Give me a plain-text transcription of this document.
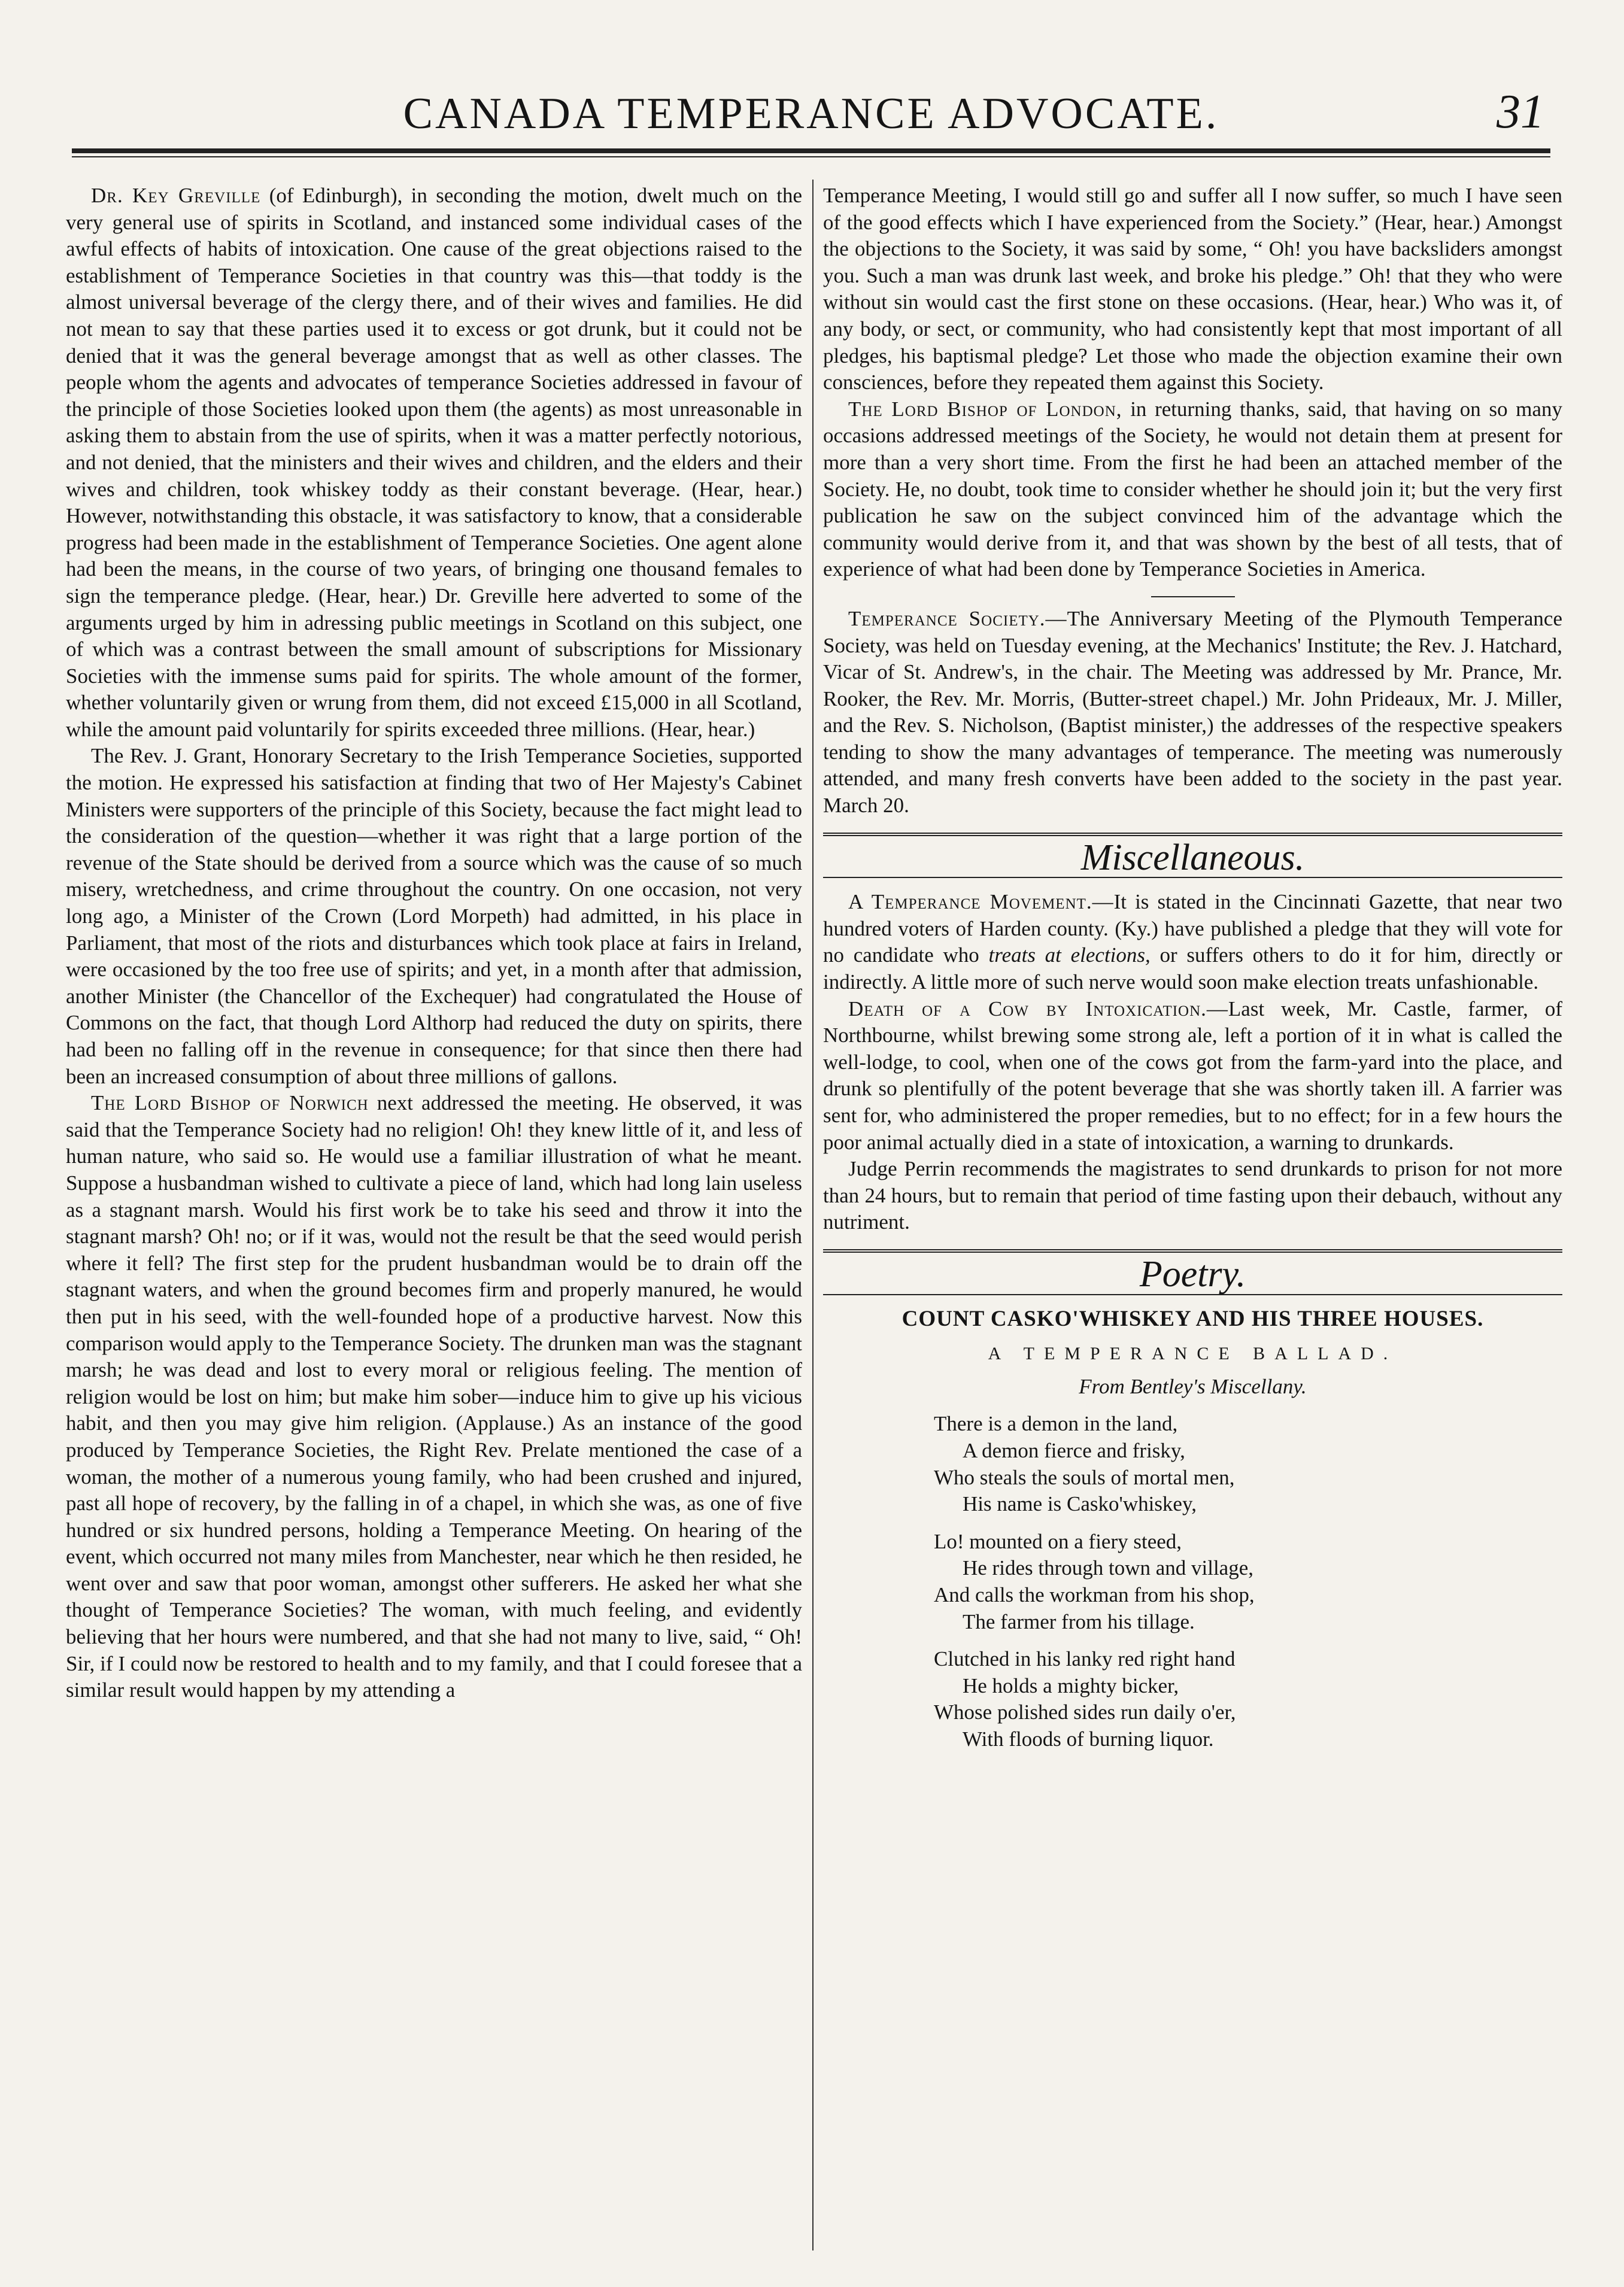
CANADA TEMPERANCE ADVOCATE.	31

Dr. Key Greville (of Edinburgh), in seconding the motion, dwelt much on the very general use of spirits in Scotland, and instanced some individual cases of the awful effects of habits of intoxication. One cause of the great objections raised to the establishment of Temperance Societies in that country was this—that toddy is the almost universal beverage of the clergy there, and of their wives and families. He did not mean to say that these parties used it to excess or got drunk, but it could not be denied that it was the general beverage amongst that as well as other classes. The people whom the agents and advocates of temperance Societies addressed in favour of the principle of those Societies looked upon them (the agents) as most unreasonable in asking them to abstain from the use of spirits, when it was a matter perfectly notorious, and not denied, that the ministers and their wives and children, and the elders and their wives and children, took whiskey toddy as their constant beverage. (Hear, hear.) However, notwithstanding this obstacle, it was satisfactory to know, that a considerable progress had been made in the establishment of Temperance Societies. One agent alone had been the means, in the course of two years, of bringing one thousand females to sign the temperance pledge. (Hear, hear.) Dr. Greville here adverted to some of the arguments urged by him in adressing public meetings in Scotland on this subject, one of which was a contrast between the small amount of subscriptions for Missionary Societies with the immense sums paid for spirits. The whole amount of the former, whether voluntarily given or wrung from them, did not exceed £15,000 in all Scotland, while the amount paid voluntarily for spirits exceeded three millions. (Hear, hear.)

The Rev. J. Grant, Honorary Secretary to the Irish Temperance Societies, supported the motion. He expressed his satisfaction at finding that two of Her Majesty's Cabinet Ministers were supporters of the principle of this Society, because the fact might lead to the consideration of the question—whether it was right that a large portion of the revenue of the State should be derived from a source which was the cause of so much misery, wretchedness, and crime throughout the country. On one occasion, not very long ago, a Minister of the Crown (Lord Morpeth) had admitted, in his place in Parliament, that most of the riots and disturbances which took place at fairs in Ireland, were occasioned by the too free use of spirits; and yet, in a month after that admission, another Minister (the Chancellor of the Exchequer) had congratulated the House of Commons on the fact, that though Lord Althorp had reduced the duty on spirits, there had been no falling off in the revenue in consequence; for that since then there had been an increased consumption of about three millions of gallons.

The Lord Bishop of Norwich next addressed the meeting. He observed, it was said that the Temperance Society had no religion! Oh! they knew little of it, and less of human nature, who said so. He would use a familiar illustration of what he meant. Suppose a husbandman wished to cultivate a piece of land, which had long lain useless as a stagnant marsh. Would his first work be to take his seed and throw it into the stagnant marsh? Oh! no; or if it was, would not the result be that the seed would perish where it fell? The first step for the prudent husbandman would be to drain off the stagnant waters, and when the ground becomes firm and properly manured, he would then put in his seed, with the well-founded hope of a productive harvest. Now this comparison would apply to the Temperance Society. The drunken man was the stagnant marsh; he was dead and lost to every moral or religious feeling. The mention of religion would be lost on him; but make him sober—induce him to give up his vicious habit, and then you may give him religion. (Applause.) As an instance of the good produced by Temperance Societies, the Right Rev. Prelate mentioned the case of a woman, the mother of a numerous young family, who had been crushed and injured, past all hope of recovery, by the falling in of a chapel, in which she was, as one of five hundred or six hundred persons, holding a Temperance Meeting. On hearing of the event, which occurred not many miles from Manchester, near which he then resided, he went over and saw that poor woman, amongst other sufferers. He asked her what she thought of Temperance Societies? The woman, with much feeling, and evidently believing that her hours were numbered, and that she had not many to live, said, “ Oh! Sir, if I could now be restored to health and to my family, and that I could foresee that a similar result would happen by my attending a

Temperance Meeting, I would still go and suffer all I now suffer, so much I have seen of the good effects which I have experienced from the Society.” (Hear, hear.) Amongst the objections to the Society, it was said by some, “ Oh! you have backsliders amongst you. Such a man was drunk last week, and broke his pledge.” Oh! that they who were without sin would cast the first stone on these occasions. (Hear, hear.) Who was it, of any body, or sect, or community, who had consistently kept that most important of all pledges, his baptismal pledge? Let those who made the objection examine their own consciences, before they repeated them against this Society.

The Lord Bishop of London, in returning thanks, said, that having on so many occasions addressed meetings of the Society, he would not detain them at present for more than a very short time. From the first he had been an attached member of the Society. He, no doubt, took time to consider whether he should join it; but the very first publication he saw on the subject convinced him of the advantage which the community would derive from it, and that was shown by the best of all tests, that of experience of what had been done by Temperance Societies in America.

Temperance Society.—The Anniversary Meeting of the Plymouth Temperance Society, was held on Tuesday evening, at the Mechanics' Institute; the Rev. J. Hatchard, Vicar of St. Andrew's, in the chair. The Meeting was addressed by Mr. Prance, Mr. Rooker, the Rev. Mr. Morris, (Butter-street chapel.) Mr. John Prideaux, Mr. J. Miller, and the Rev. S. Nicholson, (Baptist minister,) the addresses of the respective speakers tending to show the many advantages of temperance. The meeting was numerously attended, and many fresh converts have been added to the society in the past year. March 20.

Miscellaneous.

A Temperance Movement.—It is stated in the Cincinnati Gazette, that near two hundred voters of Harden county. (Ky.) have published a pledge that they will vote for no candidate who treats at elections, or suffers others to do it for him, directly or indirectly. A little more of such nerve would soon make election treats unfashionable.

Death of a Cow by Intoxication.—Last week, Mr. Castle, farmer, of Northbourne, whilst brewing some strong ale, left a portion of it in what is called the well-lodge, to cool, when one of the cows got from the farm-yard into the place, and drunk so plentifully of the potent beverage that she was shortly taken ill. A farrier was sent for, who administered the proper remedies, but to no effect; for in a few hours the poor animal actually died in a state of intoxication, a warning to drunkards.

Judge Perrin recommends the magistrates to send drunkards to prison for not more than 24 hours, but to remain that period of time fasting upon their debauch, without any nutriment.

Poetry.
COUNT CASKO'WHISKEY AND HIS THREE HOUSES.
A TEMPERANCE BALLAD.
From Bentley's Miscellany.
There is a demon in the land,
A demon fierce and frisky,
Who steals the souls of mortal men,
His name is Casko'whiskey,
Lo! mounted on a fiery steed,
He rides through town and village,
And calls the workman from his shop,
The farmer from his tillage.
Clutched in his lanky red right hand
He holds a mighty bicker,
Whose polished sides run daily o'er,
With floods of burning liquor.
